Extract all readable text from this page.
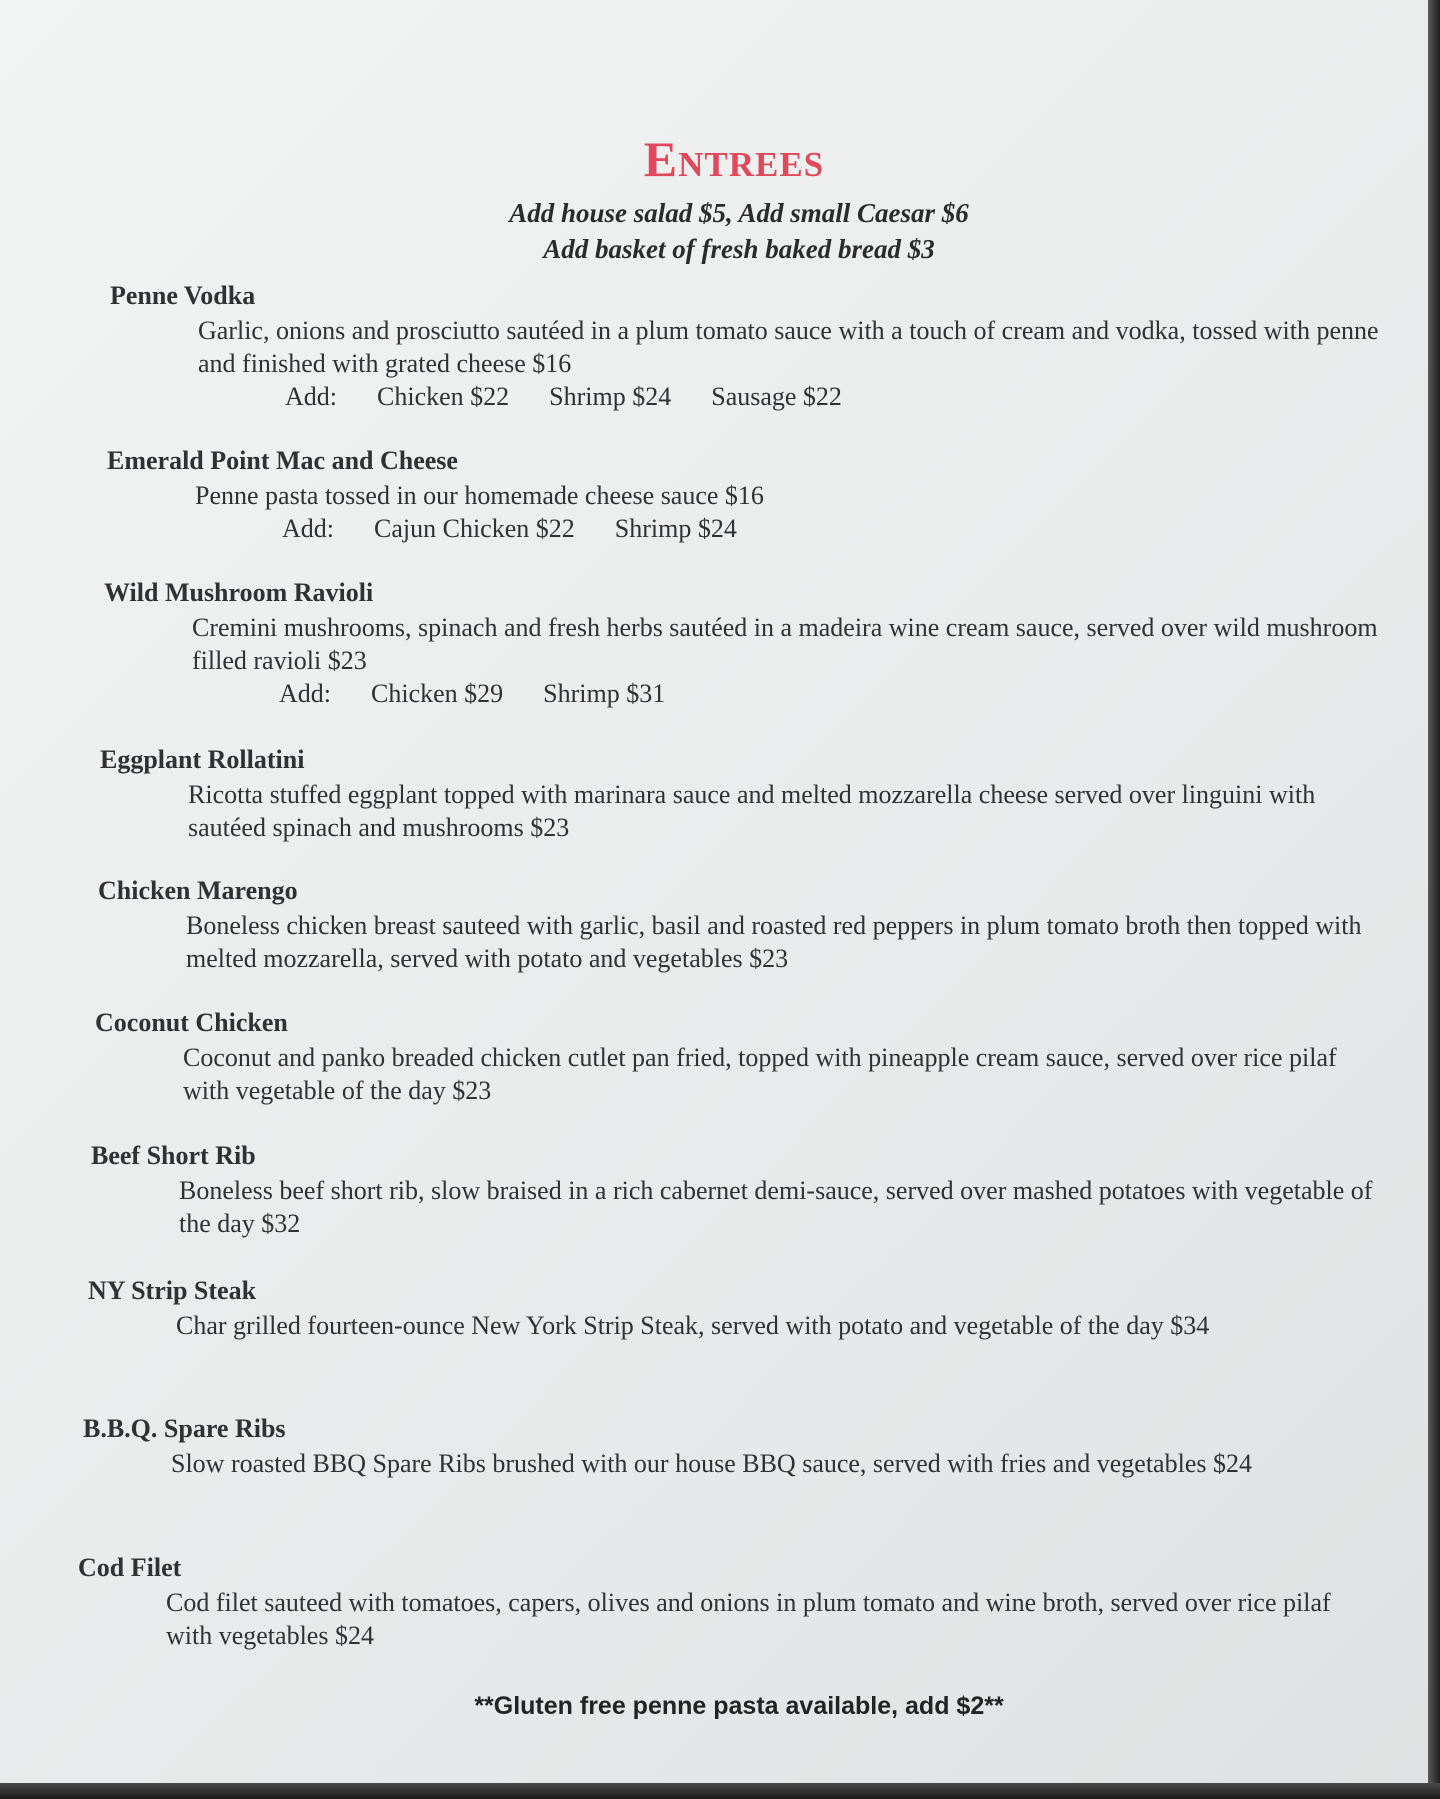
Entrees
Add house salad $5, Add small Caesar $6
Add basket of fresh baked bread $3

Penne Vodka

Garlic, onions and prosciutto sautéed in a plum tomato sauce with a touch of cream and vodka, tossed with penne and finished with grated cheese $16

Add: Chicken $22 Shrimp $24 Sausage $22

Emerald Point Mac and Cheese

Penne pasta tossed in our homemade cheese sauce $16

Add: Cajun Chicken $22 Shrimp $24

Wild Mushroom Ravioli

Cremini mushrooms, spinach and fresh herbs sautéed in a madeira wine cream sauce, served over wild mushroom filled ravioli $23

Add: Chicken $29 Shrimp $31

Eggplant Rollatini

Ricotta stuffed eggplant topped with marinara sauce and melted mozzarella cheese served over linguini with sautéed spinach and mushrooms $23

Chicken Marengo

Boneless chicken breast sauteed with garlic, basil and roasted red peppers in plum tomato broth then topped with melted mozzarella, served with potato and vegetables $23

Coconut Chicken

Coconut and panko breaded chicken cutlet pan fried, topped with pineapple cream sauce, served over rice pilaf with vegetable of the day $23

Beef Short Rib

Boneless beef short rib, slow braised in a rich cabernet demi-sauce, served over mashed potatoes with vegetable of the day $32

NY Strip Steak

Char grilled fourteen-ounce New York Strip Steak, served with potato and vegetable of the day $34

B.B.Q. Spare Ribs

Slow roasted BBQ Spare Ribs brushed with our house BBQ sauce, served with fries and vegetables $24

Cod Filet

Cod filet sauteed with tomatoes, capers, olives and onions in plum tomato and wine broth, served over rice pilaf with vegetables $24

**Gluten free penne pasta available, add $2**
